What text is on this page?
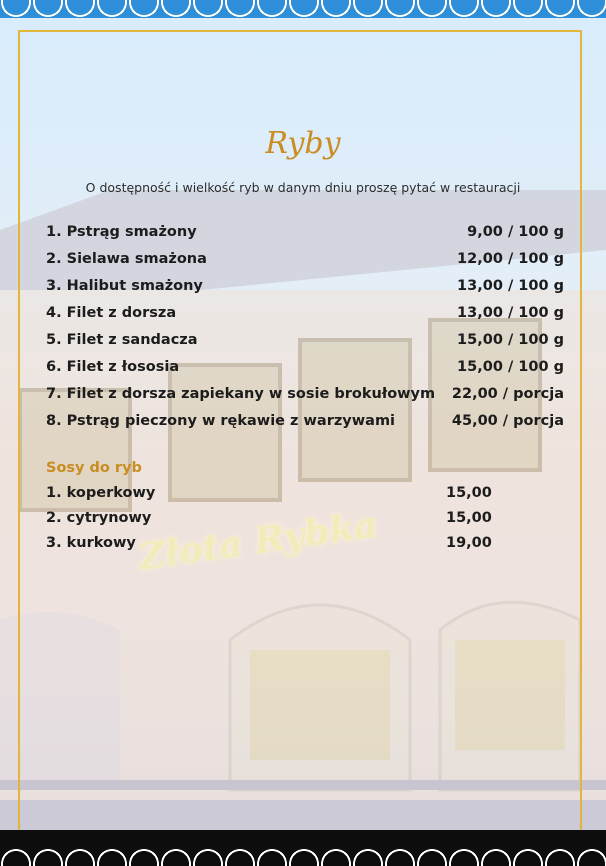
Złota Rybka
Ryby
O dostępność i wielkość ryb w danym dniu proszę pytać w restauracji
1. Pstrąg smażony	9,00 / 100 g
2. Sielawa smażona	12,00 / 100 g
3. Halibut smażony	13,00 / 100 g
4. Filet z dorsza	13,00 / 100 g
5. Filet z sandacza	15,00 / 100 g
6. Filet z łososia	15,00 / 100 g
7. Filet z dorsza zapiekany w sosie brokułowym 22,00 / porcja
8. Pstrąg pieczony w rękawie z warzywami	45,00 / porcja
Sosy do ryb
1. koperkowy	15,00
2. cytrynowy	15,00
3. kurkowy	19,00
